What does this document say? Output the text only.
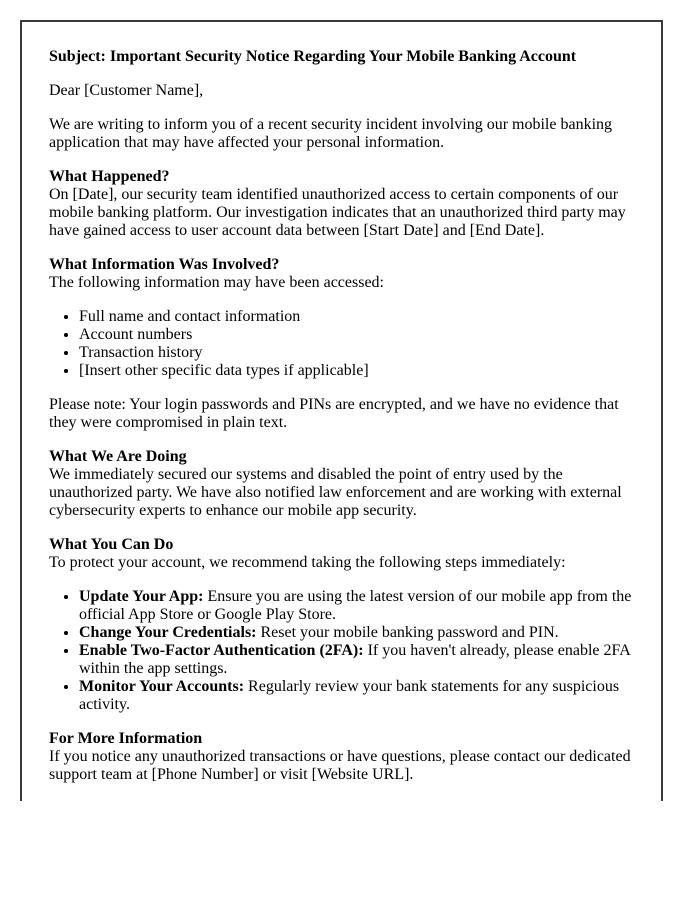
Subject: Important Security Notice Regarding Your Mobile Banking Account

Dear [Customer Name],

We are writing to inform you of a recent security incident involving our mobile banking application that may have affected your personal information.

What Happened?

On [Date], our security team identified unauthorized access to certain components of our mobile banking platform. Our investigation indicates that an unauthorized third party may have gained access to user account data between [Start Date] and [End Date].

What Information Was Involved?

The following information may have been accessed:

• Full name and contact information
• Account numbers
• Transaction history
• [Insert other specific data types if applicable]

Please note: Your login passwords and PINs are encrypted, and we have no evidence that they were compromised in plain text.

What We Are Doing

We immediately secured our systems and disabled the point of entry used by the unauthorized party. We have also notified law enforcement and are working with external cybersecurity experts to enhance our mobile app security.

What You Can Do

To protect your account, we recommend taking the following steps immediately:

• Update Your App: Ensure you are using the latest version of our mobile app from the official App Store or Google Play Store.
• Change Your Credentials: Reset your mobile banking password and PIN.
• Enable Two-Factor Authentication (2FA): If you haven't already, please enable 2FA within the app settings.
• Monitor Your Accounts: Regularly review your bank statements for any suspicious activity.

For More Information

If you notice any unauthorized transactions or have questions, please contact our dedicated support team at [Phone Number] or visit [Website URL].
